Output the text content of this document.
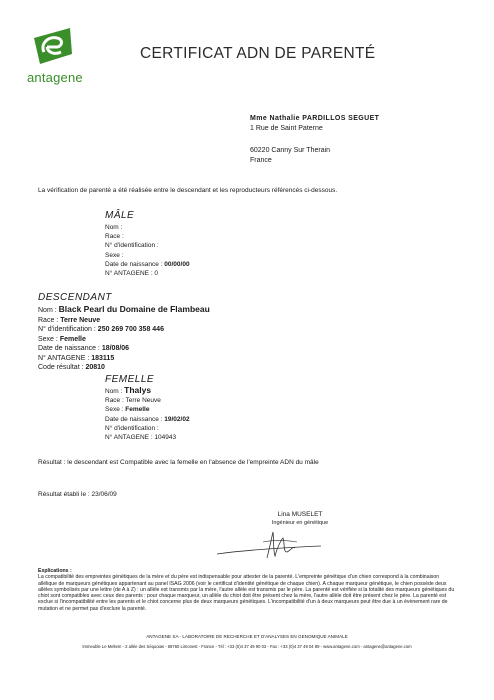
antagene
CERTIFICAT ADN DE PARENTÉ
Mme Nathalie PARDILLOS SEGUET
1 Rue de Saint Paterne
60220 Canny Sur Therain
France
La vérification de parenté a été réalisée entre le descendant et les reproducteurs référencés ci-dessous.
MÂLE
Nom :
Race :
N° d'identification :
Sexe :
Date de naissance : 00/00/00
N° ANTAGENE : 0
DESCENDANT
Nom : Black Pearl du Domaine de Flambeau
Race : Terre Neuve
N° d'identification : 250 269 700 358 446
Sexe : Femelle
Date de naissance : 18/08/06
N° ANTAGENE : 183115
Code résultat : 20810
FEMELLE
Nom : Thalys
Race : Terre Neuve
Sexe : Femelle
Date de naissance : 19/02/02
N° d'identification :
N° ANTAGENE : 104943
Résultat : le descendant est Compatible avec la femelle en l'absence de l'empreinte ADN du mâle
Résultat établi le : 23/06/09
Lina MUSELET
Ingénieur en génétique
Explications :
La compatibilité des empreintes génétiques de la mère et du père est indispensable pour attester de la parenté. L'empreinte génétique d'un chien correspond à la combinaison allélique de marqueurs génétiques appartenant au panel ISAG 2006 (voir le certificat d'identité génétique de chaque chien). A chaque marqueur génétique, le chien possède deux allèles symbolisés par une lettre (de A à Z) : un allèle est transmis par la mère, l'autre allèle est transmis par le père. La parenté est vérifiée si la totalité des marqueurs génétiques du chiot sont compatibles avec ceux des parents : pour chaque marqueur, un allèle du chiot doit être présent chez la mère, l'autre allèle doit être présent chez le père. La parenté est exclue si l'incompatibilité entre les parents et le chiot concerne plus de deux marqueurs génétiques. L'incompatibilité d'un à deux marqueurs peut être due à un évènement rare de mutation et ne permet pas d'exclure la parenté.
ANTAGENE SA - LABORATOIRE DE RECHERCHE ET D'ANALYSES EN GENOMIQUE ANIMALE
Immeuble Le Meltem - 2 allée des Séquoias - 69760 Limonest - France - Tél : +33 (0)4 37 49 90 03 - Fax : +33 (0)4 37 49 04 89 - www.antagene.com - antagene@antagene.com
